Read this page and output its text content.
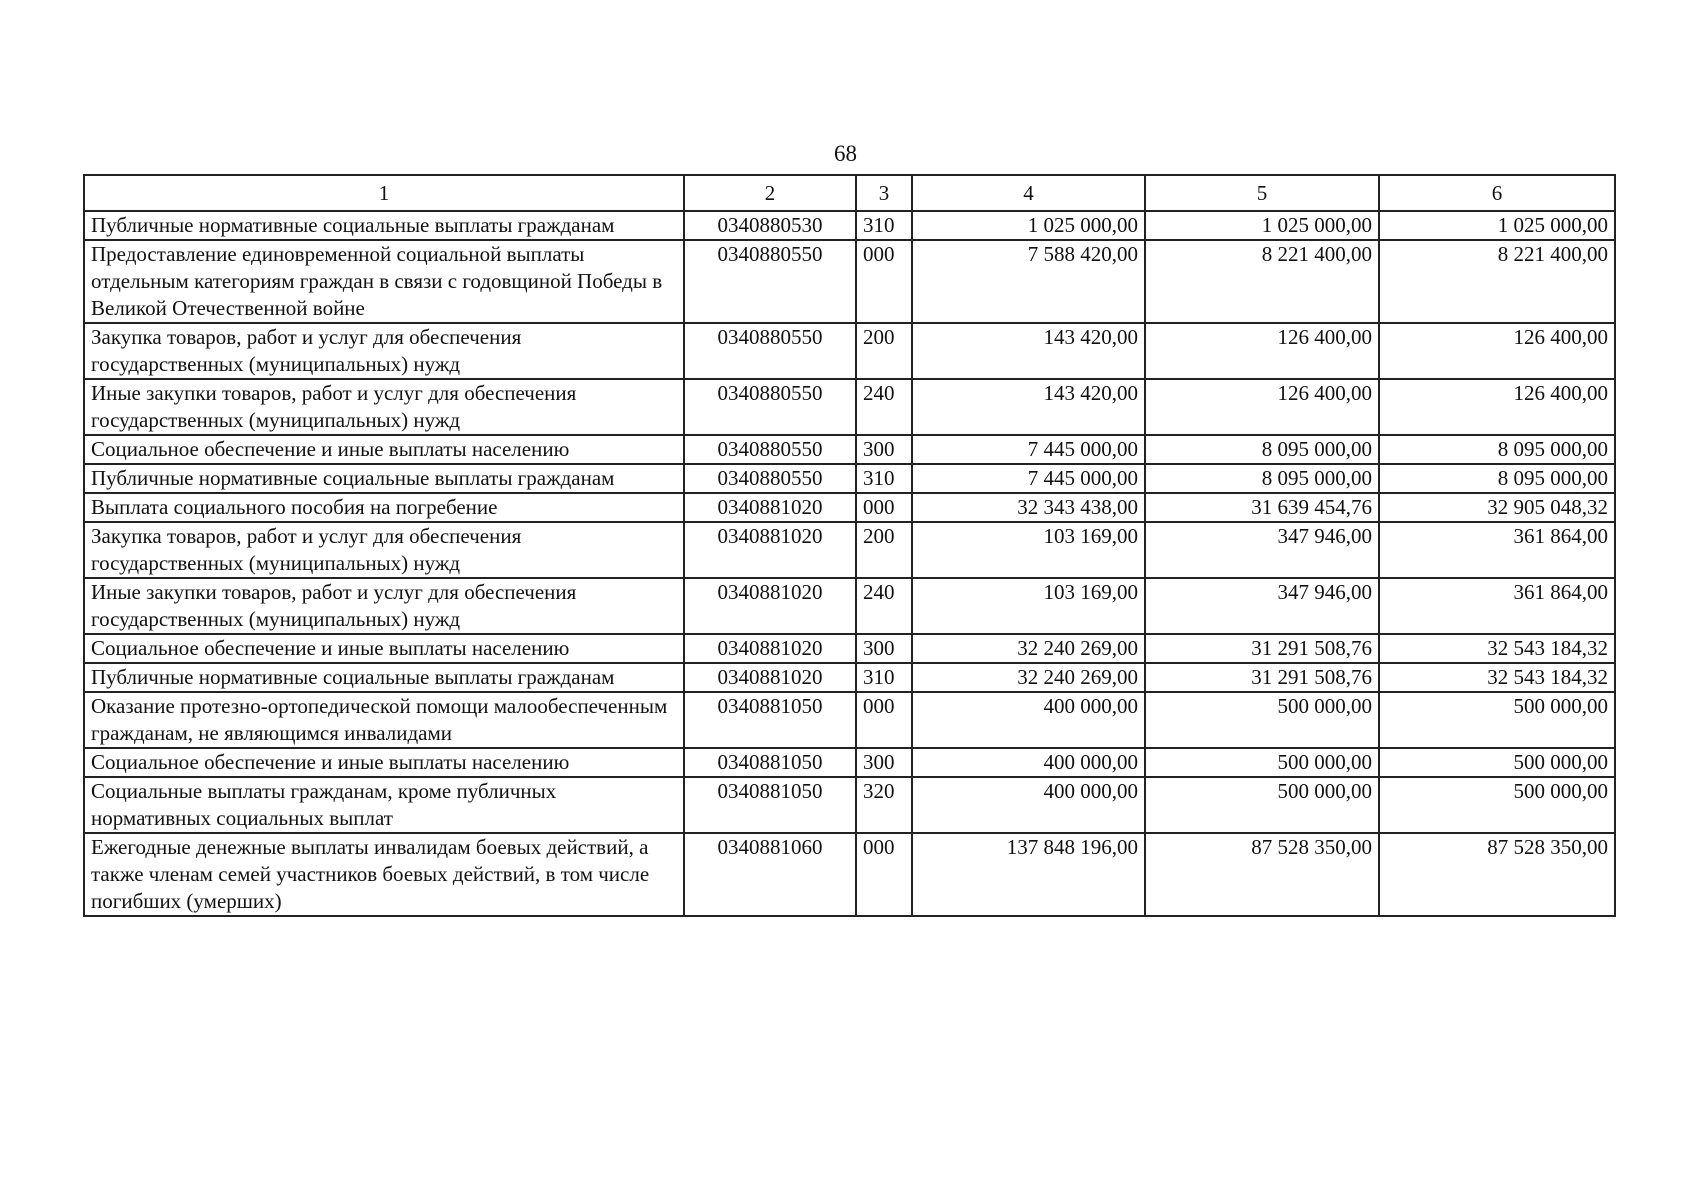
68
1	2	3	4	5	6
Публичные нормативные социальные выплаты гражданам	0340880530	310	1 025 000,00	1 025 000,00	1 025 000,00
Предоставление единовременной социальной выплаты отдельным категориям граждан в связи с годовщиной Победы в Великой Отечественной войне	0340880550	000	7 588 420,00	8 221 400,00	8 221 400,00
Закупка товаров, работ и услуг для обеспечения государственных (муниципальных) нужд	0340880550	200	143 420,00	126 400,00	126 400,00
Иные закупки товаров, работ и услуг для обеспечения государственных (муниципальных) нужд	0340880550	240	143 420,00	126 400,00	126 400,00
Социальное обеспечение и иные выплаты населению	0340880550	300	7 445 000,00	8 095 000,00	8 095 000,00
Публичные нормативные социальные выплаты гражданам	0340880550	310	7 445 000,00	8 095 000,00	8 095 000,00
Выплата социального пособия на погребение	0340881020	000	32 343 438,00	31 639 454,76	32 905 048,32
Закупка товаров, работ и услуг для обеспечения государственных (муниципальных) нужд	0340881020	200	103 169,00	347 946,00	361 864,00
Иные закупки товаров, работ и услуг для обеспечения государственных (муниципальных) нужд	0340881020	240	103 169,00	347 946,00	361 864,00
Социальное обеспечение и иные выплаты населению	0340881020	300	32 240 269,00	31 291 508,76	32 543 184,32
Публичные нормативные социальные выплаты гражданам	0340881020	310	32 240 269,00	31 291 508,76	32 543 184,32
Оказание протезно-ортопедической помощи малообеспеченным гражданам, не являющимся инвалидами	0340881050	000	400 000,00	500 000,00	500 000,00
Социальное обеспечение и иные выплаты населению	0340881050	300	400 000,00	500 000,00	500 000,00
Социальные выплаты гражданам, кроме публичных нормативных социальных выплат	0340881050	320	400 000,00	500 000,00	500 000,00
Ежегодные денежные выплаты инвалидам боевых действий, а также членам семей участников боевых действий, в том числе погибших (умерших)	0340881060	000	137 848 196,00	87 528 350,00	87 528 350,00
